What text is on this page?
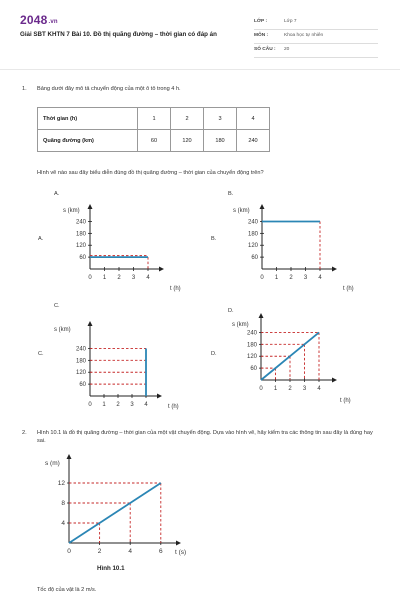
2048.vn
Giải SBT KHTN 7 Bài 10. Đồ thị quãng đường – thời gian có đáp án
LỚP :	Lớp 7
MÔN :	Khoa học tự nhiên
SỐ CÂU : 20
1. Bảng dưới đây mô tả chuyển động của một ô tô trong 4 h.
Thời gian (h)	1	2	3	4
Quãng đường (km)	60	120	180	240
Hình vẽ nào sau đây biểu diễn đúng đồ thị quãng đường – thời gian của chuyển động trên?
A.
A.
B.
B.
C.
C.
D.
D.
s (km)
t (h)
0 1 2 3 4
60
120
180
240
s (km)
t (h)
0 1 2 3 4
60
120
180
240
s (km)
t (h)
0 1 2 3 4
60
120
180
240
s (km)
t (h)
0 1 2 3 4
60
120
180
240
s (m)
t (s)
0	2	4	6
4
8
12
2. Hình 10.1 là đồ thị quãng đường – thời gian của một vật chuyển động. Dựa vào hình vẽ, hãy kiểm tra các thông tin sau đây là đúng hay sai.
Hình 10.1
Tốc độ của vật là 2 m/s.
